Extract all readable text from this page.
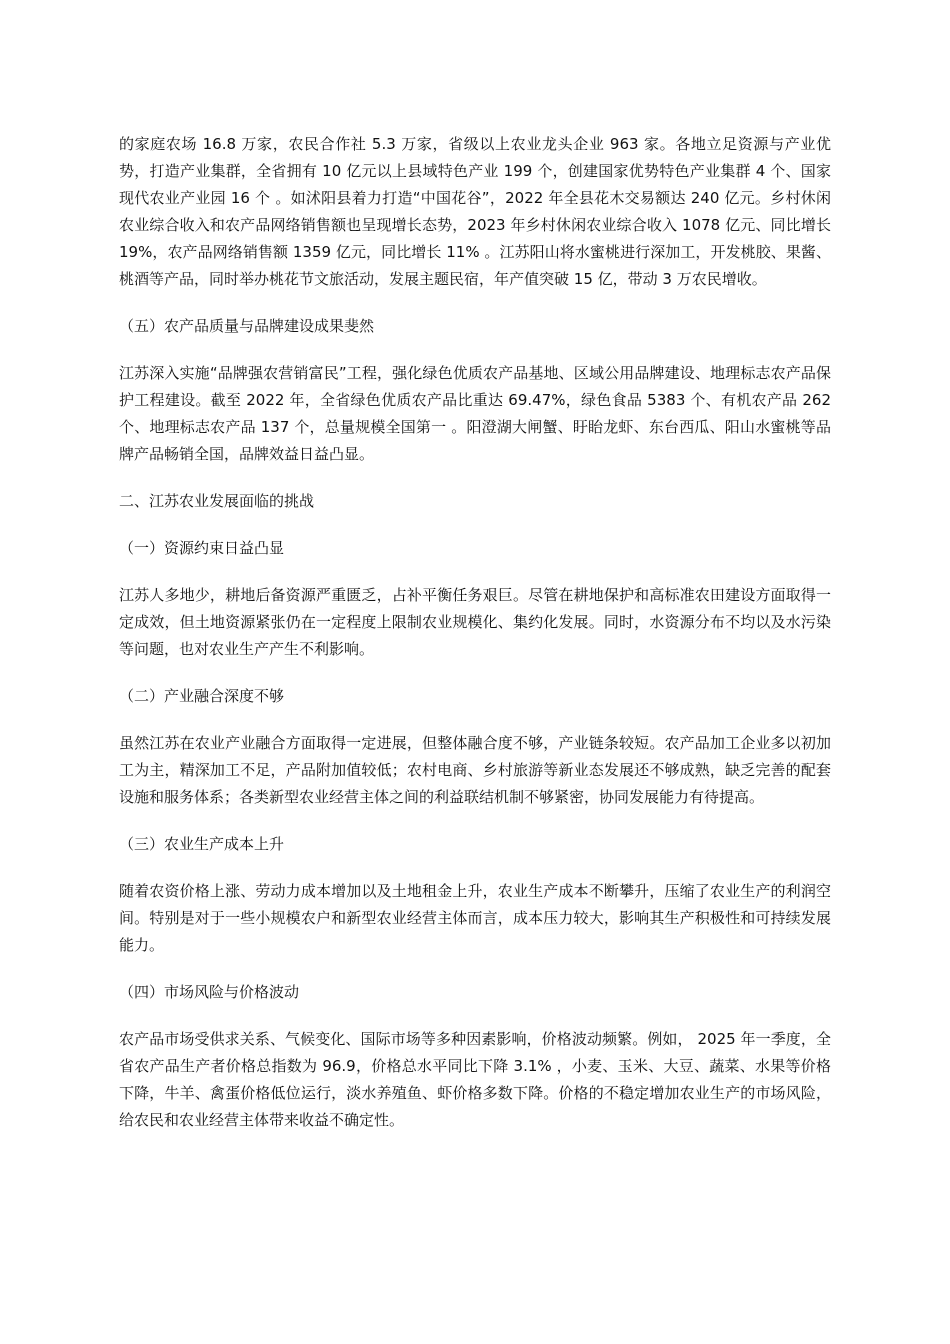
的家庭农场 16.8 万家，农民合作社 5.3 万家，省级以上农业龙头企业 963 家。各地立足资源与产业优势，打造产业集群，全省拥有 10 亿元以上县域特色产业 199 个，创建国家优势特色产业集群 4 个、国家现代农业产业园 16 个 。如沭阳县着力打造“中国花谷”，2022 年全县花木交易额达 240 亿元。乡村休闲农业综合收入和农产品网络销售额也呈现增长态势，2023 年乡村休闲农业综合收入 1078 亿元、同比增长 19%，农产品网络销售额 1359 亿元，同比增长 11% 。江苏阳山将水蜜桃进行深加工，开发桃胶、果酱、桃酒等产品，同时举办桃花节文旅活动，发展主题民宿，年产值突破 15 亿，带动 3 万农民增收。

（五）农产品质量与品牌建设成果斐然

江苏深入实施“品牌强农营销富民”工程，强化绿色优质农产品基地、区域公用品牌建设、地理标志农产品保护工程建设。截至 2022 年，全省绿色优质农产品比重达 69.47%，绿色食品 5383 个、有机农产品 262 个、地理标志农产品 137 个，总量规模全国第一 。阳澄湖大闸蟹、盱眙龙虾、东台西瓜、阳山水蜜桃等品牌产品畅销全国，品牌效益日益凸显。

二、江苏农业发展面临的挑战

（一）资源约束日益凸显

江苏人多地少，耕地后备资源严重匮乏，占补平衡任务艰巨。尽管在耕地保护和高标准农田建设方面取得一定成效，但土地资源紧张仍在一定程度上限制农业规模化、集约化发展。同时，水资源分布不均以及水污染等问题，也对农业生产产生不利影响。

（二）产业融合深度不够

虽然江苏在农业产业融合方面取得一定进展，但整体融合度不够，产业链条较短。农产品加工企业多以初加工为主，精深加工不足，产品附加值较低；农村电商、乡村旅游等新业态发展还不够成熟，缺乏完善的配套设施和服务体系；各类新型农业经营主体之间的利益联结机制不够紧密，协同发展能力有待提高。

（三）农业生产成本上升

随着农资价格上涨、劳动力成本增加以及土地租金上升，农业生产成本不断攀升，压缩了农业生产的利润空间。特别是对于一些小规模农户和新型农业经营主体而言，成本压力较大，影响其生产积极性和可持续发展能力。

（四）市场风险与价格波动

农产品市场受供求关系、气候变化、国际市场等多种因素影响，价格波动频繁。例如， 2025 年一季度，全省农产品生产者价格总指数为 96.9，价格总水平同比下降 3.1% ，小麦、玉米、大豆、蔬菜、水果等价格下降，牛羊、禽蛋价格低位运行，淡水养殖鱼、虾价格多数下降。价格的不稳定增加农业生产的市场风险，给农民和农业经营主体带来收益不确定性。
